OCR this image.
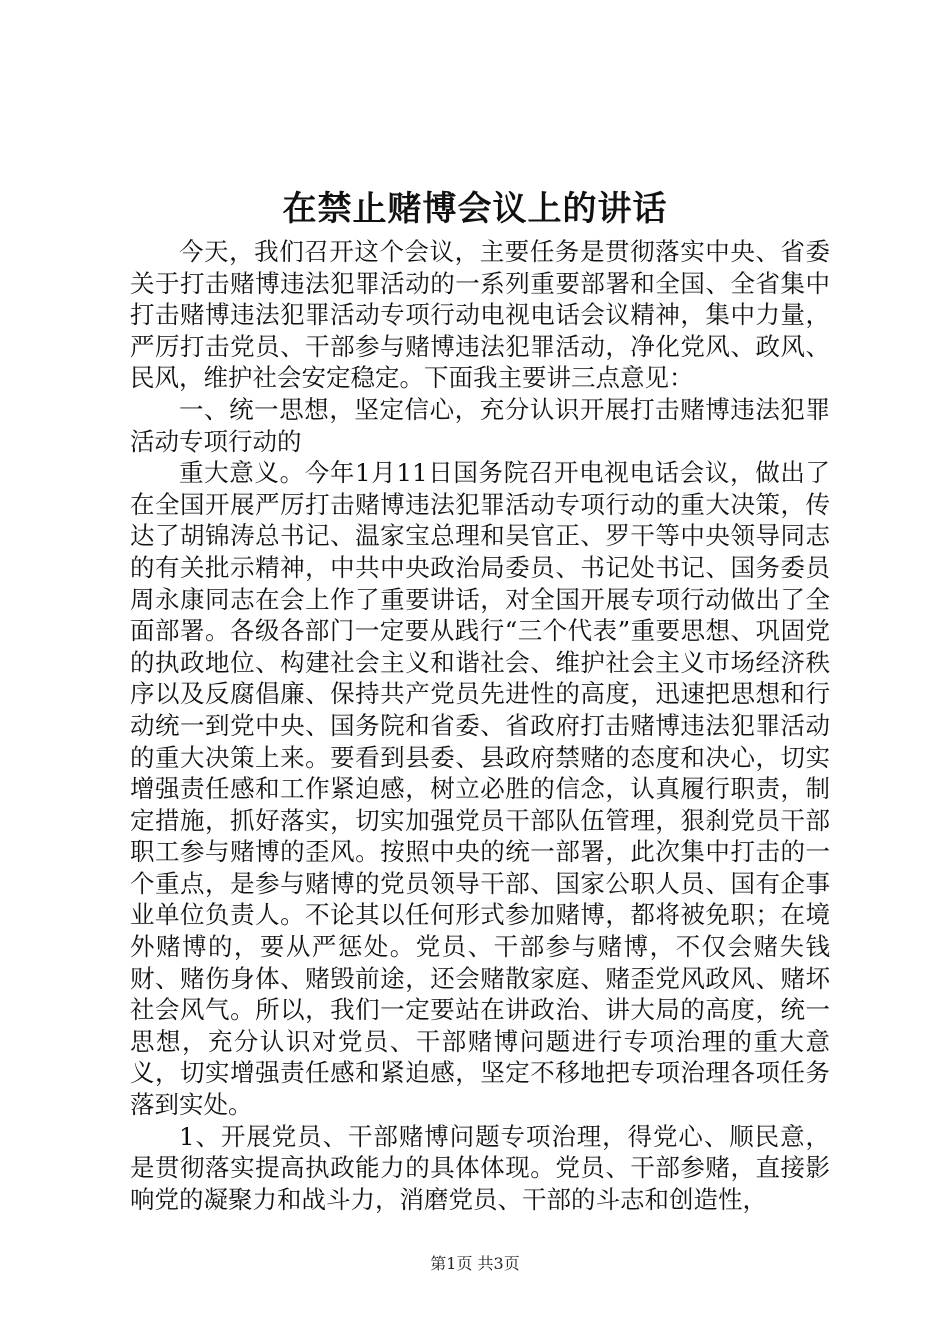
在禁止赌博会议上的讲话

今天，我们召开这个会议，主要任务是贯彻落实中央、省委关于打击赌博违法犯罪活动的一系列重要部署和全国、全省集中打击赌博违法犯罪活动专项行动电视电话会议精神，集中力量，严厉打击党员、干部参与赌博违法犯罪活动，净化党风、政风、民风，维护社会安定稳定。下面我主要讲三点意见：

一、统一思想，坚定信心，充分认识开展打击赌博违法犯罪活动专项行动的

重大意义。今年1月11日国务院召开电视电话会议，做出了在全国开展严厉打击赌博违法犯罪活动专项行动的重大决策，传达了胡锦涛总书记、温家宝总理和吴官正、罗干等中央领导同志的有关批示精神，中共中央政治局委员、书记处书记、国务委员周永康同志在会上作了重要讲话，对全国开展专项行动做出了全面部署。各级各部门一定要从践行“三个代表”重要思想、巩固党的执政地位、构建社会主义和谐社会、维护社会主义市场经济秩序以及反腐倡廉、保持共产党员先进性的高度，迅速把思想和行动统一到党中央、国务院和省委、省政府打击赌博违法犯罪活动的重大决策上来。要看到县委、县政府禁赌的态度和决心，切实增强责任感和工作紧迫感，树立必胜的信念，认真履行职责，制定措施，抓好落实，切实加强党员干部队伍管理，狠刹党员干部职工参与赌博的歪风。按照中央的统一部署，此次集中打击的一个重点，是参与赌博的党员领导干部、国家公职人员、国有企事业单位负责人。不论其以任何形式参加赌博，都将被免职；在境外赌博的，要从严惩处。党员、干部参与赌博，不仅会赌失钱财、赌伤身体、赌毁前途，还会赌散家庭、赌歪党风政风、赌坏社会风气。所以，我们一定要站在讲政治、讲大局的高度，统一思想，充分认识对党员、干部赌博问题进行专项治理的重大意义，切实增强责任感和紧迫感，坚定不移地把专项治理各项任务落到实处。

1、开展党员、干部赌博问题专项治理，得党心、顺民意，是贯彻落实提高执政能力的具体体现。党员、干部参赌，直接影响党的凝聚力和战斗力，消磨党员、干部的斗志和创造性，

第1页 共3页
